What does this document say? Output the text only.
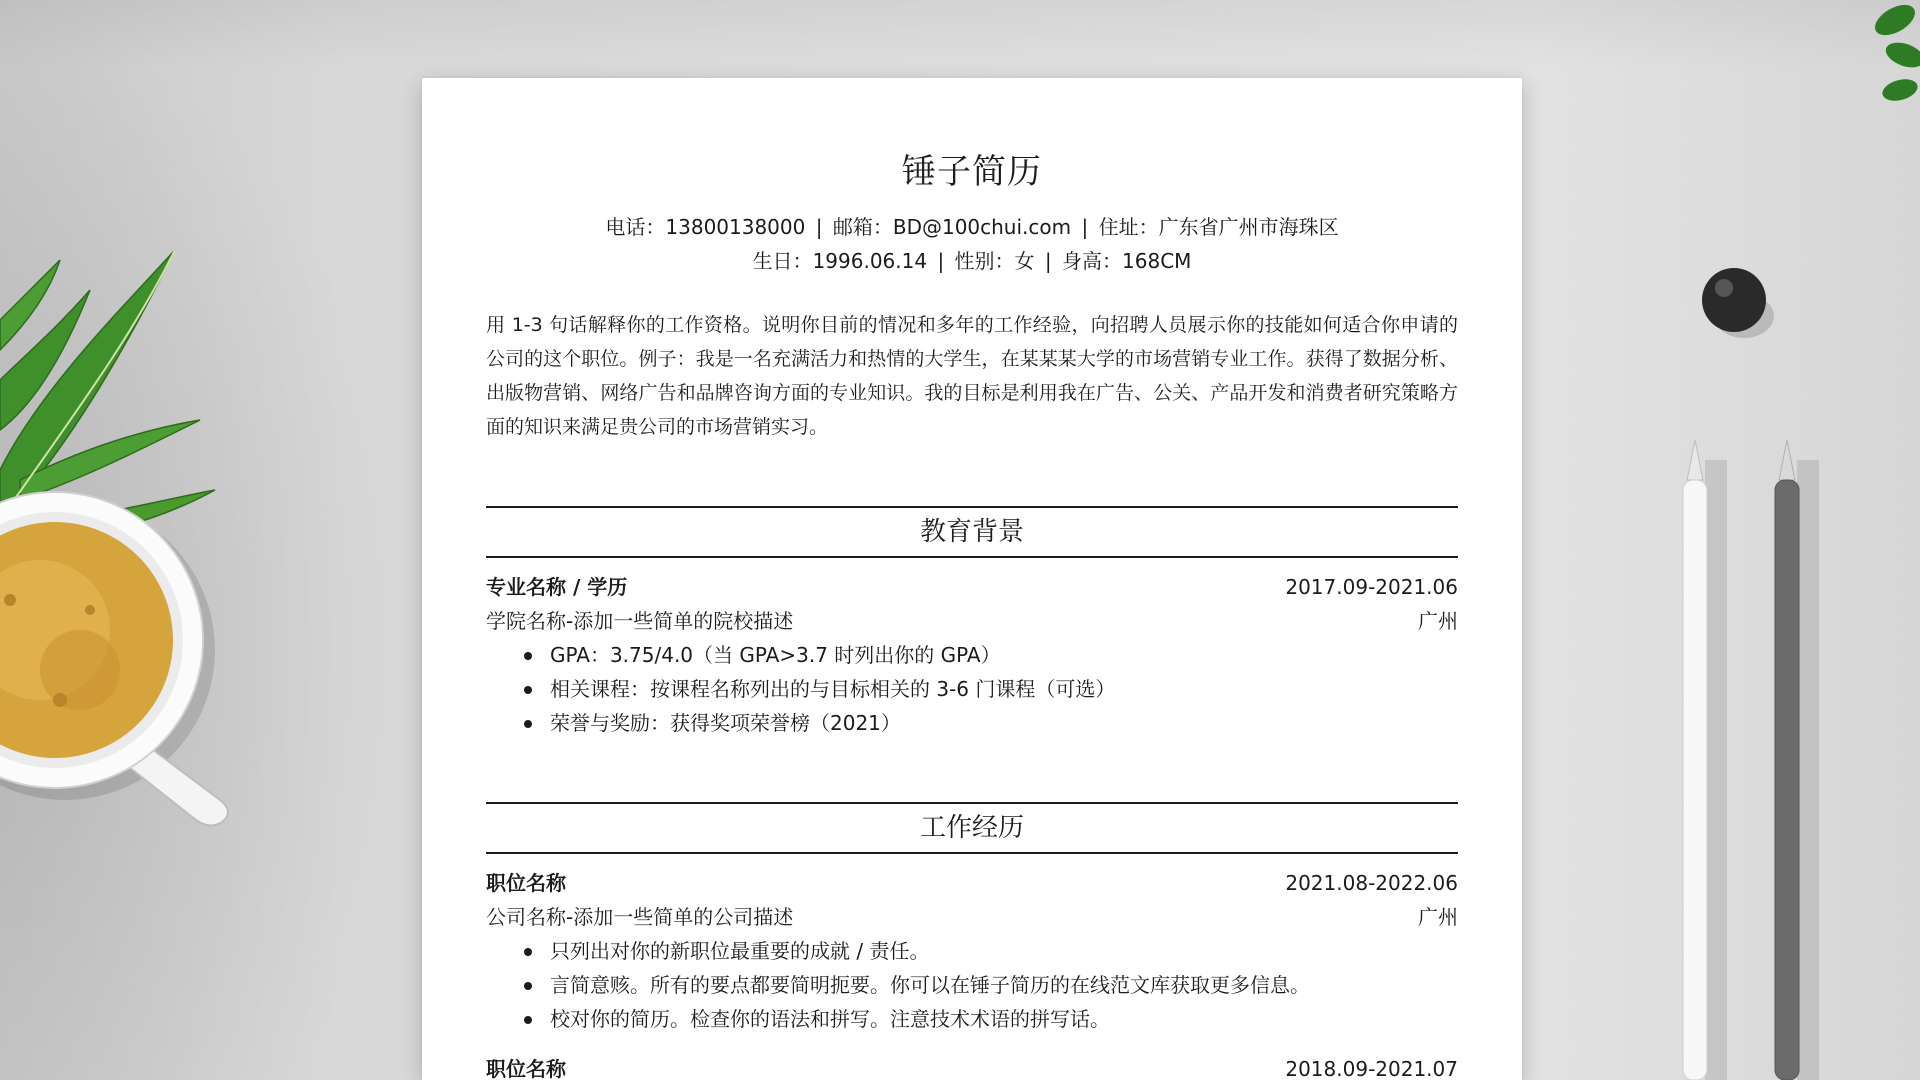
锤子简历
电话：13800138000 | 邮箱：BD@100chui.com | 住址：广东省广州市海珠区
生日：1996.06.14 | 性别：女 | 身高：168CM
用 1-3 句话解释你的工作资格。说明你目前的情况和多年的工作经验，向招聘人员展示你的技能如何适合你申请的公司的这个职位。例子：我是一名充满活力和热情的大学生，在某某某大学的市场营销专业工作。获得了数据分析、出版物营销、网络广告和品牌咨询方面的专业知识。我的目标是利用我在广告、公关、产品开发和消费者研究策略方面的知识来满足贵公司的市场营销实习。
教育背景
专业名称 / 学历	2017.09-2021.06
学院名称-添加一些简单的院校描述	广州
GPA：3.75/4.0（当 GPA>3.7 时列出你的 GPA）
相关课程：按课程名称列出的与目标相关的 3-6 门课程（可选）
荣誉与奖励：获得奖项荣誉榜（2021）
工作经历
职位名称	2021.08-2022.06
公司名称-添加一些简单的公司描述	广州
只列出对你的新职位最重要的成就 / 责任。
言简意赅。所有的要点都要简明扼要。你可以在锤子简历的在线范文库获取更多信息。
校对你的简历。检查你的语法和拼写。注意技术术语的拼写话。
职位名称	2018.09-2021.07
